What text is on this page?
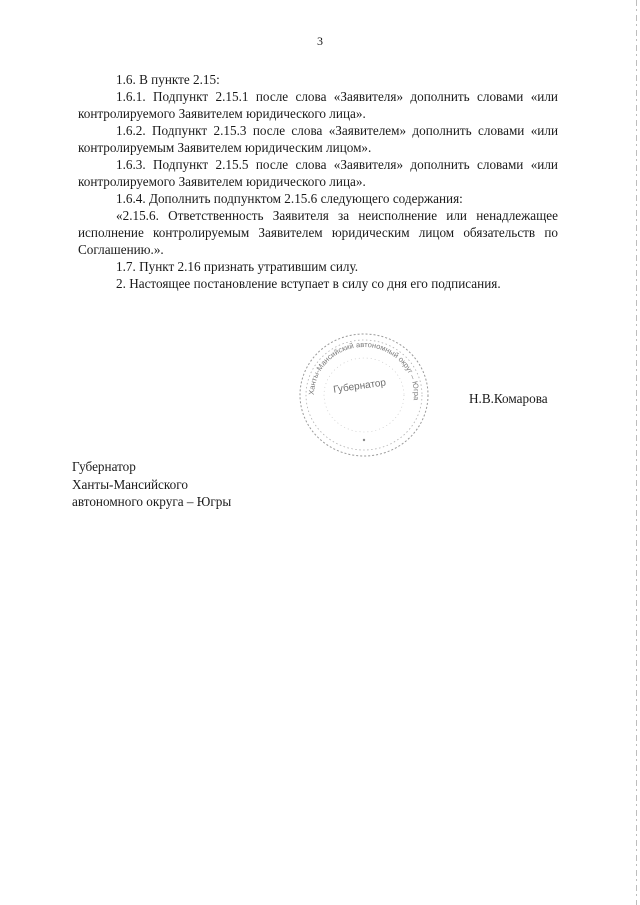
3

1.6. В пункте 2.15:

1.6.1. Подпункт 2.15.1 после слова «Заявителя» дополнить словами «или контролируемого Заявителем юридического лица».

1.6.2. Подпункт 2.15.3 после слова «Заявителем» дополнить словами «или контролируемым Заявителем юридическим лицом».

1.6.3. Подпункт 2.15.5 после слова «Заявителя» дополнить словами «или контролируемого Заявителем юридического лица».

1.6.4. Дополнить подпунктом 2.15.6 следующего содержания:

«2.15.6. Ответственность Заявителя за неисполнение или ненадлежащее исполнение контролируемым Заявителем юридическим лицом обязательств по Соглашению.».

1.7. Пункт 2.16 признать утратившим силу.

2. Настоящее постановление вступает в силу со дня его подписания.

Губернатор
Ханты-Мансийского
автономного округа – Югры
Н.В.Комарова
Ханты-Мансийский автономный округ – Югра
Губернатор
